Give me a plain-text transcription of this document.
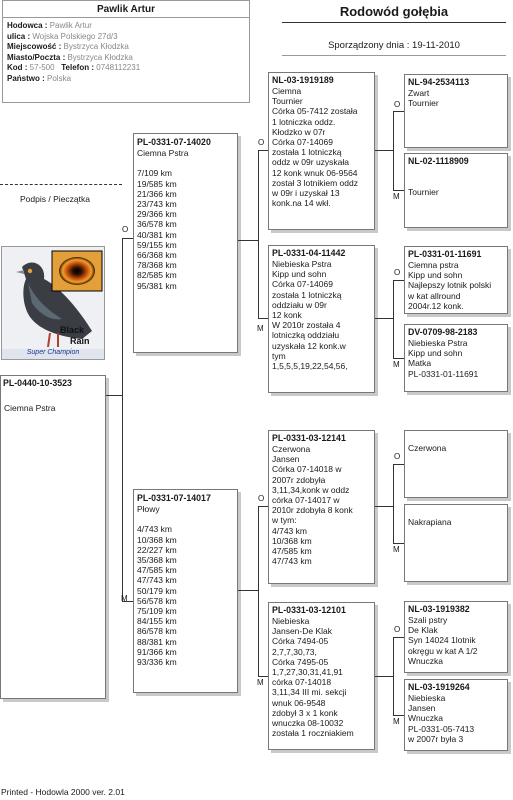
Pawlik Artur
Hodowca : Pawlik Artur
ulica : Wojska Polskiego 27d/3
Miejscowość : Bystrzyca Kłodzka
Miasto/Poczta : Bystrzyca Kłodzka
Kod : 57-500 Telefon : 0748112231
Państwo : Polska
Rodowód gołębia
Sporządzony dnia : 19-11-2010
Podpis / Pieczątka
Black
Rain
Super Champion
PL-0440-10-3523
Ciemna Pstra
PL-0331-07-14020
Ciemna Pstra

7/109 km
19/585 km
21/366 km
23/743 km
29/366 km
36/578 km
40/381 km
59/155 km
66/368 km
78/368 km
82/585 km
95/381 km
PL-0331-07-14017
Płowy

4/743 km
10/368 km
22/227 km
35/368 km
47/585 km
47/743 km
50/179 km
56/578 km
75/109 km
84/155 km
86/578 km
88/381 km
91/366 km
93/336 km
NL-03-1919189
Ciemna
Tournier
Córka 05-7412 została
1 lotniczka oddz.
Kłodzko w 07r
Córka 07-14069
została 1 lotniczką
oddz w 09r uzyskała
12 konk wnuk 06-9564
został 3 lotnikiem oddz
w 09r i uzyskał 13
konk.na 14 wkł.
PL-0331-04-11442
Niebieska Pstra
Kipp und sohn
Córka 07-14069
została 1 lotniczką
oddziału w 09r
12 konk
W 2010r została 4
lotniczką oddziału
uzyskała 12 konk.w
tym
1,5,5,5,19,22,54,56,
PL-0331-03-12141
Czerwona
Jansen
Córka 07-14018 w
2007r zdobyła
3,11,34,konk w oddz
córka 07-14017 w
2010r zdobyła 8 konk
w tym:
4/743 km
10/368 km
47/585 km
47/743 km
PL-0331-03-12101
Niebieska
Jansen-De Klak
Córka 7494-05
2,7,7,30,73,
Córka 7495-05
1,7,27,30,31,41,91
córka 07-14018
3,11,34 III mi. sekcji
wnuk 06-9548
zdobył 3 x 1 konk
wnuczka 08-10032
została 1 roczniakiem
NL-94-2534113
Zwart
Tournier
NL-02-1118909

Tournier
PL-0331-01-11691
Ciemna pstra
Kipp und sohn
Najlepszy lotnik polski
w kat allround
2004r.12 konk.
DV-0709-98-2183
Niebieska Pstra
Kipp und sohn
Matka
PL-0331-01-11691

Czerwona

Nakrapiana
NL-03-1919382
Szali pstry
De Klak
Syn 14024 1lotnik
okręgu w kat A 1/2
Wnuczka
NL-03-1919264
Niebieska
Jansen
Wnuczka
PL-0331-05-7413
w 2007r była 3
O
M
O
M
O
M
O
M
O
M
O
M
O
M
Printed - Hodowla 2000 ver. 2.01
